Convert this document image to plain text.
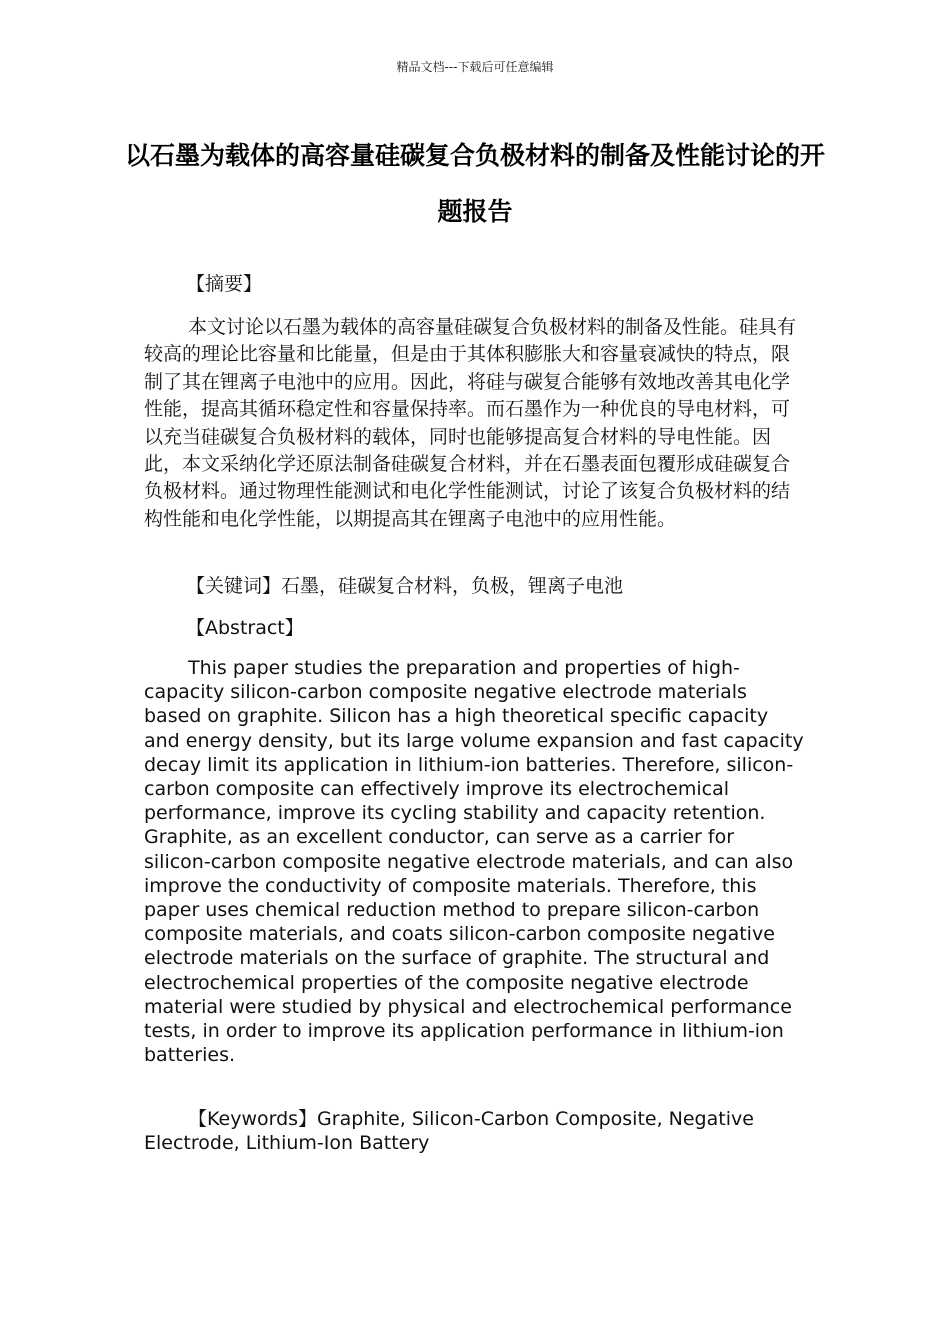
精品文档---下载后可任意编辑
以石墨为载体的高容量硅碳复合负极材料的制备及性能讨论的开题报告
【摘要】

本文讨论以石墨为载体的高容量硅碳复合负极材料的制备及性能。硅具有较高的理论比容量和比能量，但是由于其体积膨胀大和容量衰减快的特点，限制了其在锂离子电池中的应用。因此，将硅与碳复合能够有效地改善其电化学性能，提高其循环稳定性和容量保持率。而石墨作为一种优良的导电材料，可以充当硅碳复合负极材料的载体，同时也能够提高复合材料的导电性能。因此，本文采纳化学还原法制备硅碳复合材料，并在石墨表面包覆形成硅碳复合负极材料。通过物理性能测试和电化学性能测试，讨论了该复合负极材料的结构性能和电化学性能，以期提高其在锂离子电池中的应用性能。

【关键词】石墨，硅碳复合材料，负极，锂离子电池
【Abstract】

This paper studies the preparation and properties of high-capacity silicon-carbon composite negative electrode materials based on graphite. Silicon has a high theoretical specific capacity and energy density, but its large volume expansion and fast capacity decay limit its application in lithium-ion batteries. Therefore, silicon-carbon composite can effectively improve its electrochemical performance, improve its cycling stability and capacity retention. Graphite, as an excellent conductor, can serve as a carrier for silicon-carbon composite negative electrode materials, and can also improve the conductivity of composite materials. Therefore, this paper uses chemical reduction method to prepare silicon-carbon composite materials, and coats silicon-carbon composite negative electrode materials on the surface of graphite. The structural and electrochemical properties of the composite negative electrode material were studied by physical and electrochemical performance tests, in order to improve its application performance in lithium-ion batteries.

【Keywords】Graphite, Silicon-Carbon Composite, Negative Electrode, Lithium-Ion Battery
